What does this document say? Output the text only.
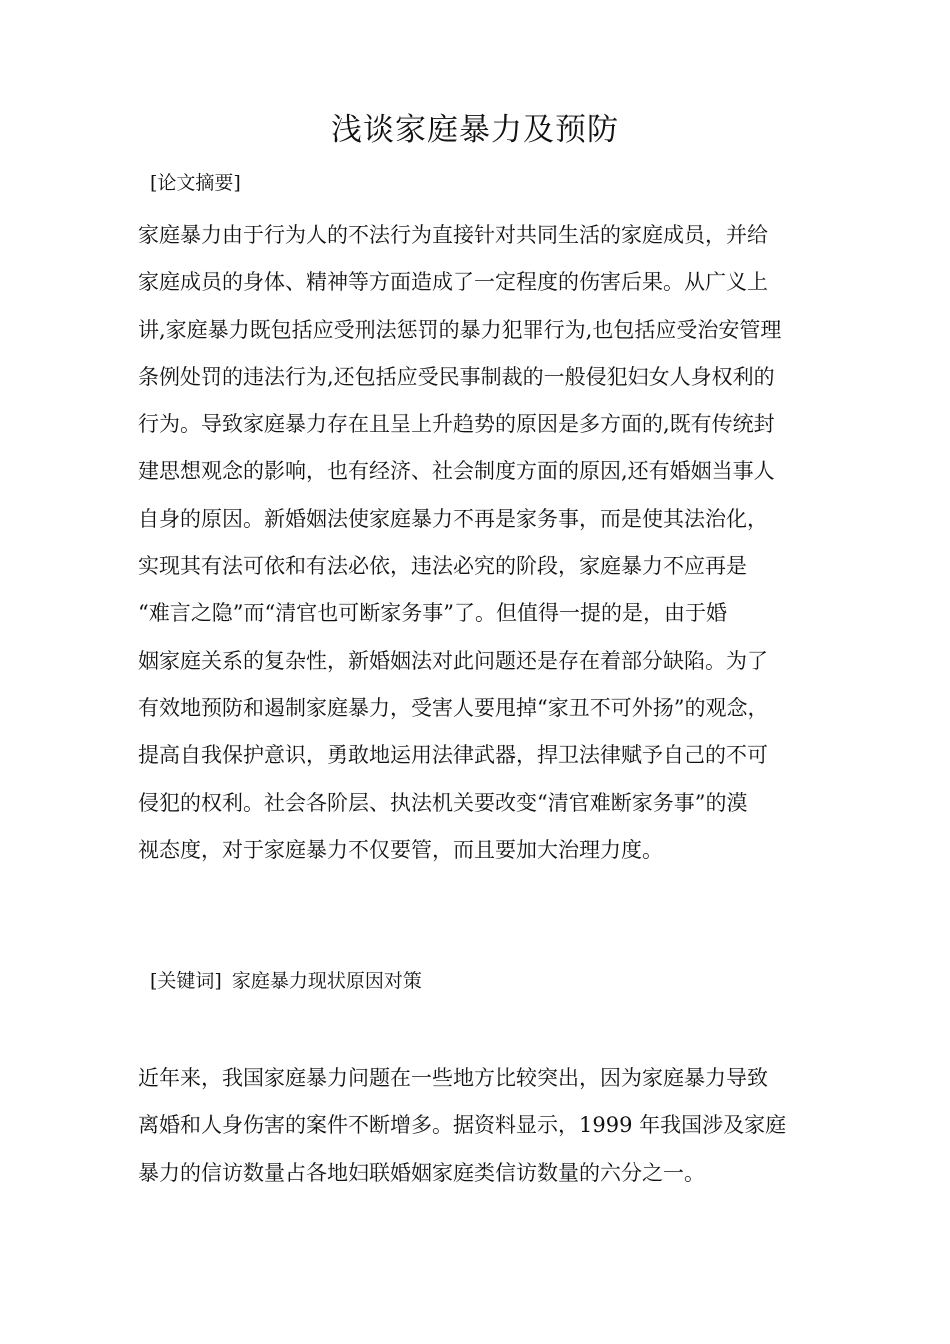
浅谈家庭暴力及预防

[论文摘要]

家庭暴力由于行为人的不法行为直接针对共同生活的家庭成员，并给
家庭成员的身体、精神等方面造成了一定程度的伤害后果。从广义上
讲,家庭暴力既包括应受刑法惩罚的暴力犯罪行为,也包括应受治安管理
条例处罚的违法行为,还包括应受民事制裁的一般侵犯妇女人身权利的
行为。导致家庭暴力存在且呈上升趋势的原因是多方面的,既有传统封
建思想观念的影响，也有经济、社会制度方面的原因,还有婚姻当事人
自身的原因。新婚姻法使家庭暴力不再是家务事，而是使其法治化，
实现其有法可依和有法必依，违法必究的阶段，家庭暴力不应再是
“难言之隐”而“清官也可断家务事”了。但值得一提的是，由于婚
姻家庭关系的复杂性，新婚姻法对此问题还是存在着部分缺陷。为了
有效地预防和遏制家庭暴力，受害人要甩掉“家丑不可外扬”的观念，
提高自我保护意识，勇敢地运用法律武器，捍卫法律赋予自己的不可
侵犯的权利。社会各阶层、执法机关要改变“清官难断家务事”的漠
视态度，对于家庭暴力不仅要管，而且要加大治理力度。

[关键词] 家庭暴力现状原因对策

近年来，我国家庭暴力问题在一些地方比较突出，因为家庭暴力导致
离婚和人身伤害的案件不断增多。据资料显示，1999 年我国涉及家庭
暴力的信访数量占各地妇联婚姻家庭类信访数量的六分之一。
